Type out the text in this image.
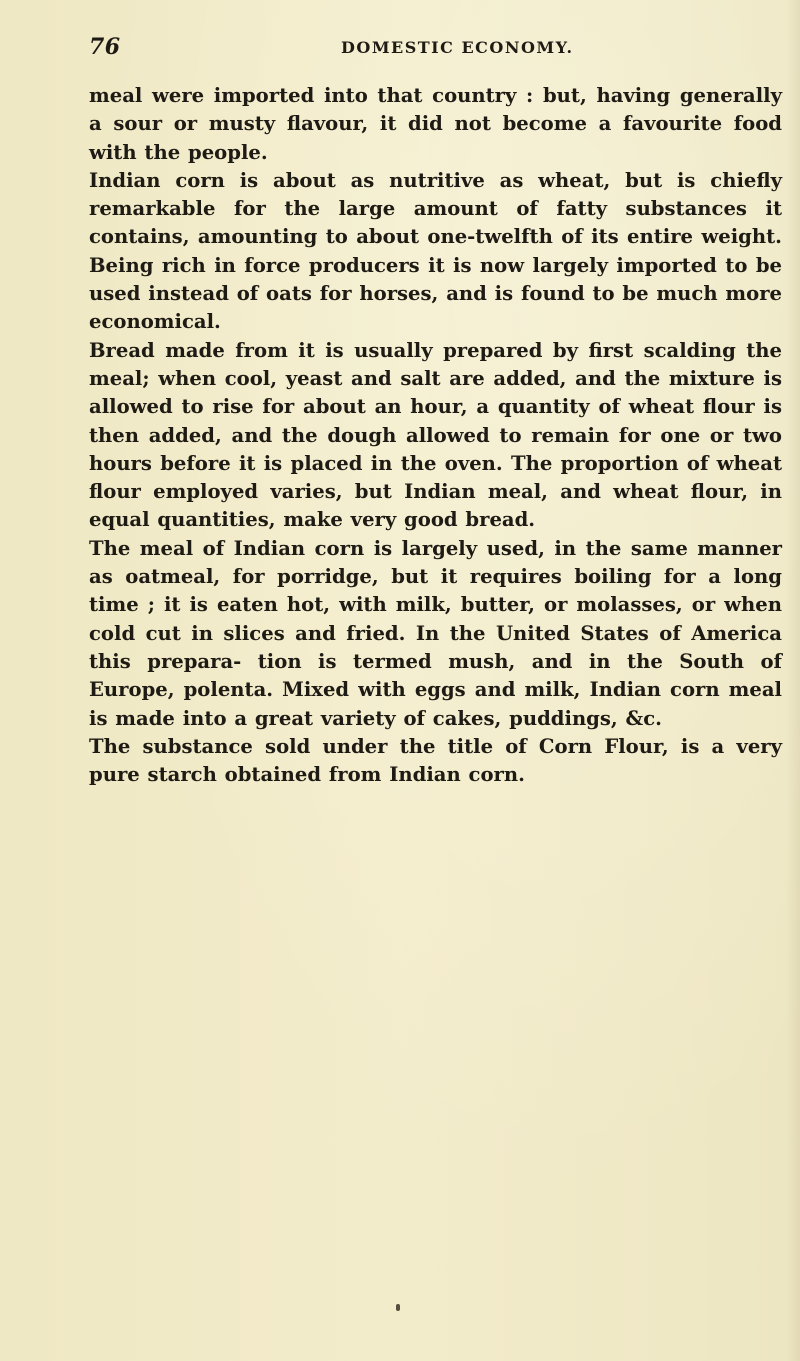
76	DOMESTIC ECONOMY.

meal were imported into that country : but, having generally a sour or musty flavour, it did not become a favourite food with the people.

Indian corn is about as nutritive as wheat, but is chiefly remarkable for the large amount of fatty substances it contains, amounting to about one-twelfth of its entire weight. Being rich in force producers it is now largely imported to be used instead of oats for horses, and is found to be much more economical.

Bread made from it is usually prepared by first scalding the meal; when cool, yeast and salt are added, and the mixture is allowed to rise for about an hour, a quantity of wheat flour is then added, and the dough allowed to remain for one or two hours before it is placed in the oven. The proportion of wheat flour employed varies, but Indian meal, and wheat flour, in equal quantities, make very good bread.

The meal of Indian corn is largely used, in the same manner as oatmeal, for porridge, but it requires boiling for a long time ; it is eaten hot, with milk, butter, or molasses, or when cold cut in slices and fried. In the United States of America this prepara- tion is termed mush, and in the South of Europe, polenta. Mixed with eggs and milk, Indian corn meal is made into a great variety of cakes, puddings, &c.

The substance sold under the title of Corn Flour, is a very pure starch obtained from Indian corn.
